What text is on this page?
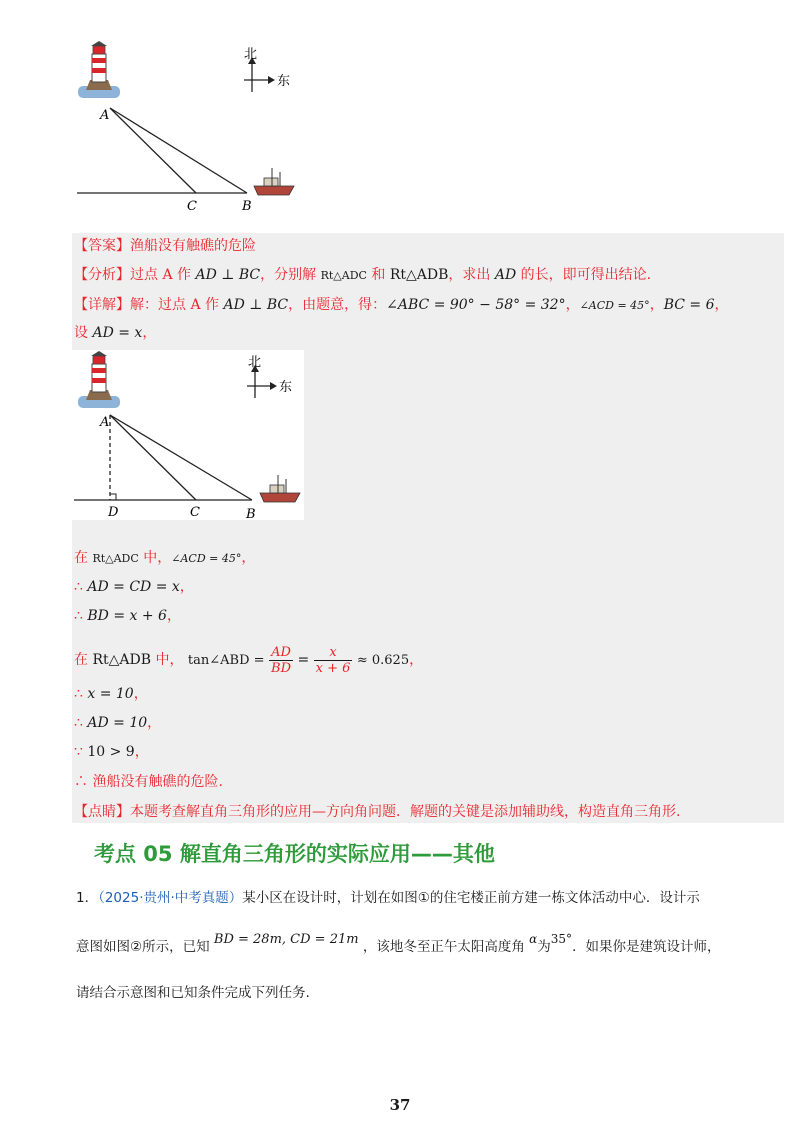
北
东
A
C	B
【答案】渔船没有触礁的危险
【分析】过点 A 作 AD ⊥ BC，分别解 Rt△ADC 和 Rt△ADB，求出 AD 的长，即可得出结论.
【详解】解：过点 A 作 AD ⊥ BC，由题意，得：∠ABC = 90° − 58° = 32°，∠ACD = 45°，BC = 6，
设 AD = x，
北
东
A
D	C	B
在 Rt△ADC 中，∠ACD = 45°，
∴ AD = CD = x，
∴ BD = x + 6，
在 Rt△ADB 中， tan∠ABD = $\frac{AD}{BD} = \frac{x}{x + 6} \approx 0.625$，
∴ x = 10，
∴ AD = 10，
∵ 10 > 9，
∴ 渔船没有触礁的危险.
【点睛】本题考查解直角三角形的应用—方向角问题．解题的关键是添加辅助线，构造直角三角形.
考点 05 解直角三角形的实际应用——其他
1．（2025·贵州·中考真题）某小区在设计时，计划在如图①的住宅楼正前方建一栋文体活动中心．设计示
意图如图②所示，已知 BD = 28m, CD = 21m ，该地冬至正午太阳高度角 α为35°．如果你是建筑设计师，
请结合示意图和已知条件完成下列任务.
37
